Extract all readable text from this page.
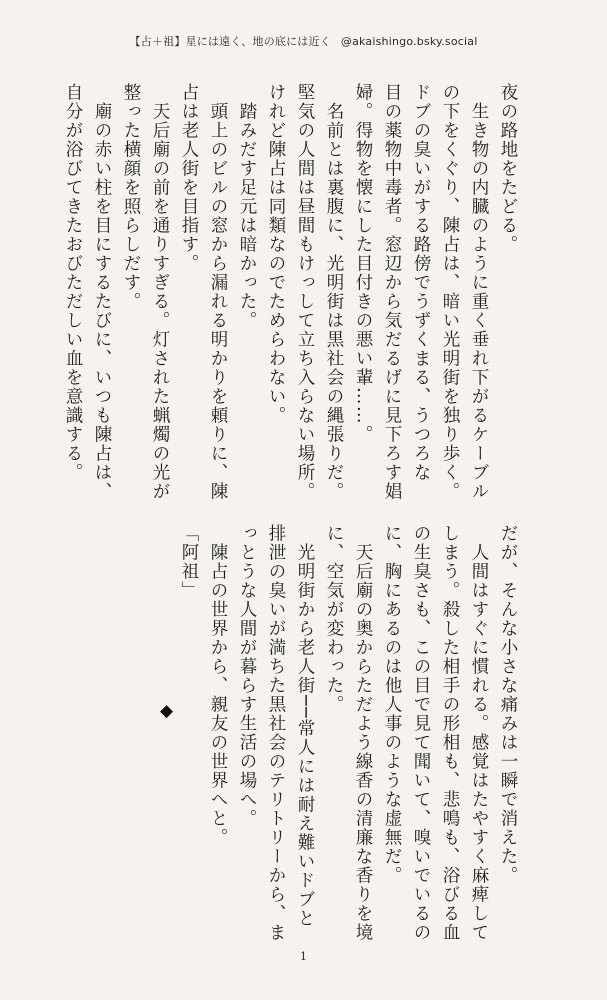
【占＋祖】星には遠く、地の底には近く @akaishingo.bsky.social
夜の路地をたどる。
　生き物の内臓のように重く垂れ下がるケーブル
の下をくぐり、陳占は、暗い光明街を独り歩く。
ドブの臭いがする路傍でうずくまる、うつろな
目の薬物中毒者。窓辺から気だるげに見下ろす娼
婦。得物を懐にした目付きの悪い輩……。
　名前とは裏腹に、光明街は黒社会の縄張りだ。
堅気の人間は昼間もけっして立ち入らない場所。
けれど陳占は同類なのでためらわない。
　踏みだす足元は暗かった。
　頭上のビルの窓から漏れる明かりを頼りに、陳
占は老人街を目指す。
　天后廟の前を通りすぎる。灯された蝋燭の光が
整った横顔を照らしだす。
　廟の赤い柱を目にするたびに、いつも陳占は、
自分が浴びてきたおびただしい血を意識する。
だが、そんな小さな痛みは一瞬で消えた。
　人間はすぐに慣れる。感覚はたやすく麻痺して
しまう。殺した相手の形相も、悲鳴も、浴びる血
の生臭さも、この目で見て聞いて、嗅いでいるの
に、胸にあるのは他人事のような虚無だ。
　天后廟の奥からただよう線香の清廉な香りを境
に、空気が変わった。
　光明街から老人街──常人には耐え難いドブと
排泄の臭いが満ちた黒社会のテリトリーから、ま
っとうな人間が暮らす生活の場へ。
　陳占の世界から、親友の世界へと。
「阿祖」
◆
1
